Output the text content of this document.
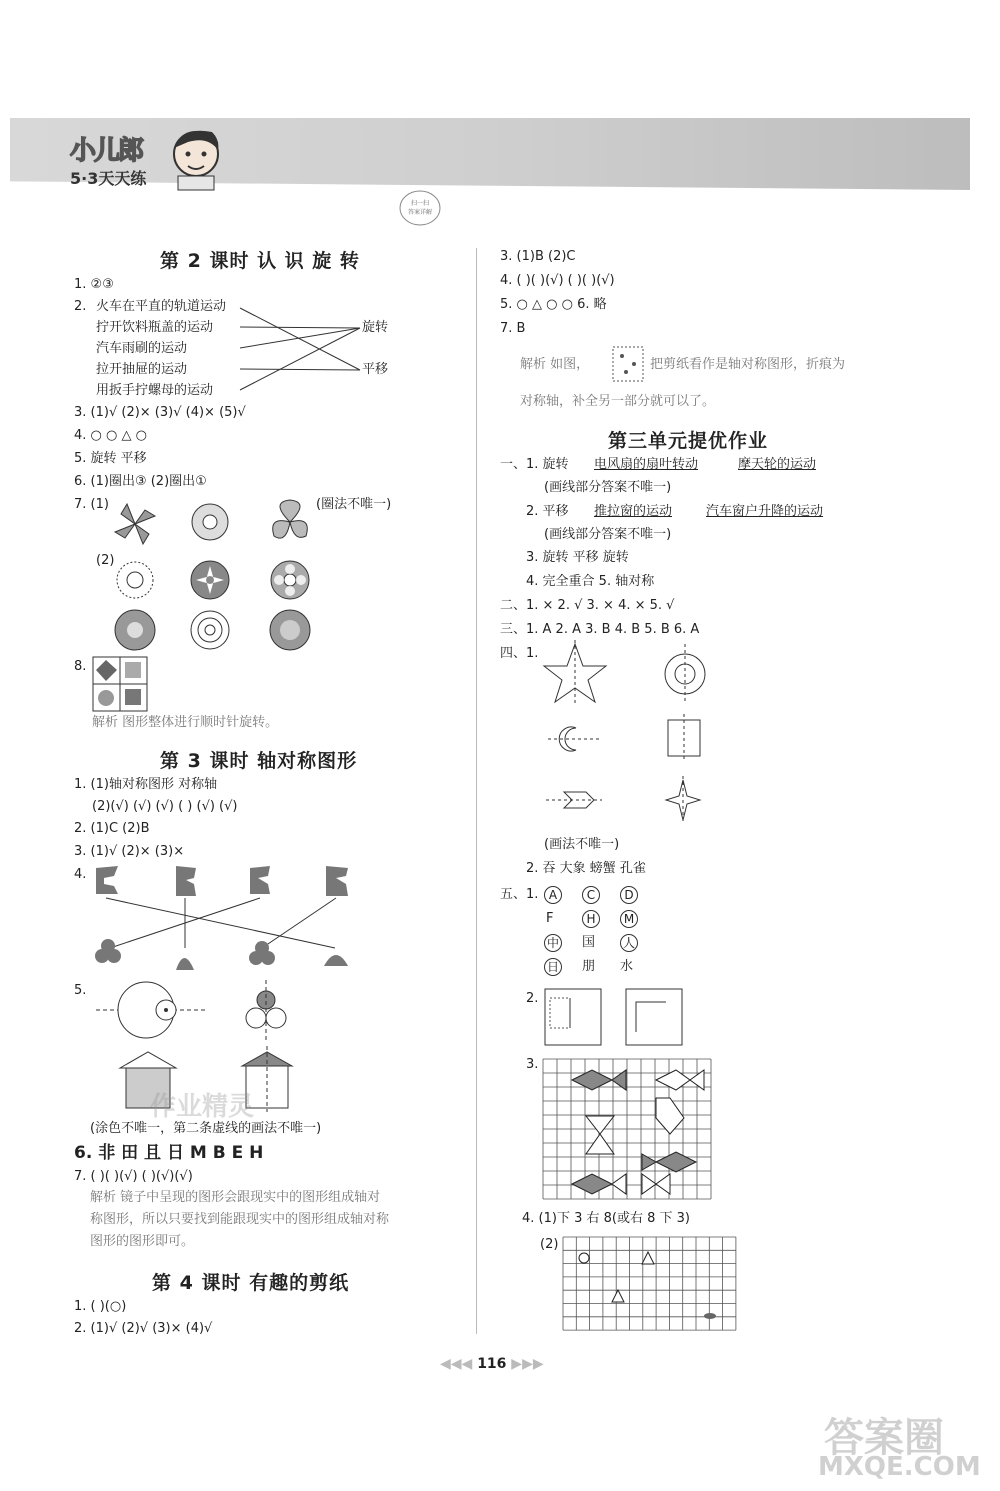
小儿郎
5·3天天练
扫一扫
答案详解
第 2 课时 认 识 旋 转
1. ②③
2. 火车在平直的轨道运动
拧开饮料瓶盖的运动
汽车雨刷的运动
拉开抽屉的运动
用扳手拧螺母的运动
旋转
平移
3. (1)√ (2)× (3)√ (4)× (5)√
4. ○ ○ △ ○
5. 旋转 平移
6. (1)圈出③ (2)圈出①
7. (1)	(圈法不唯一)
(2)
8.
解析 图形整体进行顺时针旋转。
第 3 课时 轴对称图形
1. (1)轴对称图形 对称轴
(2)(√) (√) (√) ( ) (√) (√)
2. (1)C (2)B
3. (1)√ (2)× (3)×
4.
5.
(涂色不唯一，第二条虚线的画法不唯一)
6. 非 田 且 日 M B E H
7. ( )( )(√) ( )(√)(√)
解析 镜子中呈现的图形会跟现实中的图形组成轴对
称图形，所以只要找到能跟现实中的图形组成轴对称
图形的图形即可。
第 4 课时 有趣的剪纸
1. ( )(○)
2. (1)√ (2)√ (3)× (4)√
3. (1)B (2)C
4. ( )( )(√) ( )( )(√)
5. ○ △ ○ ○ 6. 略
7. B
解析 如图，	把剪纸看作是轴对称图形，折痕为
对称轴，补全另一部分就可以了。
第三单元提优作业
一、1. 旋转 电风扇的扇叶转动	摩天轮的运动
(画线部分答案不唯一)
2. 平移 推拉窗的运动	汽车窗户升降的运动
(画线部分答案不唯一)
3. 旋转 平移 旋转
4. 完全重合 5. 轴对称
二、1. × 2. √ 3. × 4. × 5. √
三、1. A 2. A 3. B 4. B 5. B 6. A
四、1.
(画法不唯一)
2. 吞 大象 螃蟹 孔雀
五、1. A	C	D
F	H	M
中 国 人
日 朋 水
2.
3.
4. (1)下 3 右 8(或右 8 下 3)
(2)
◀◀◀ 116 ▶▶▶
作业精灵
答案圈
MXQE.COM
